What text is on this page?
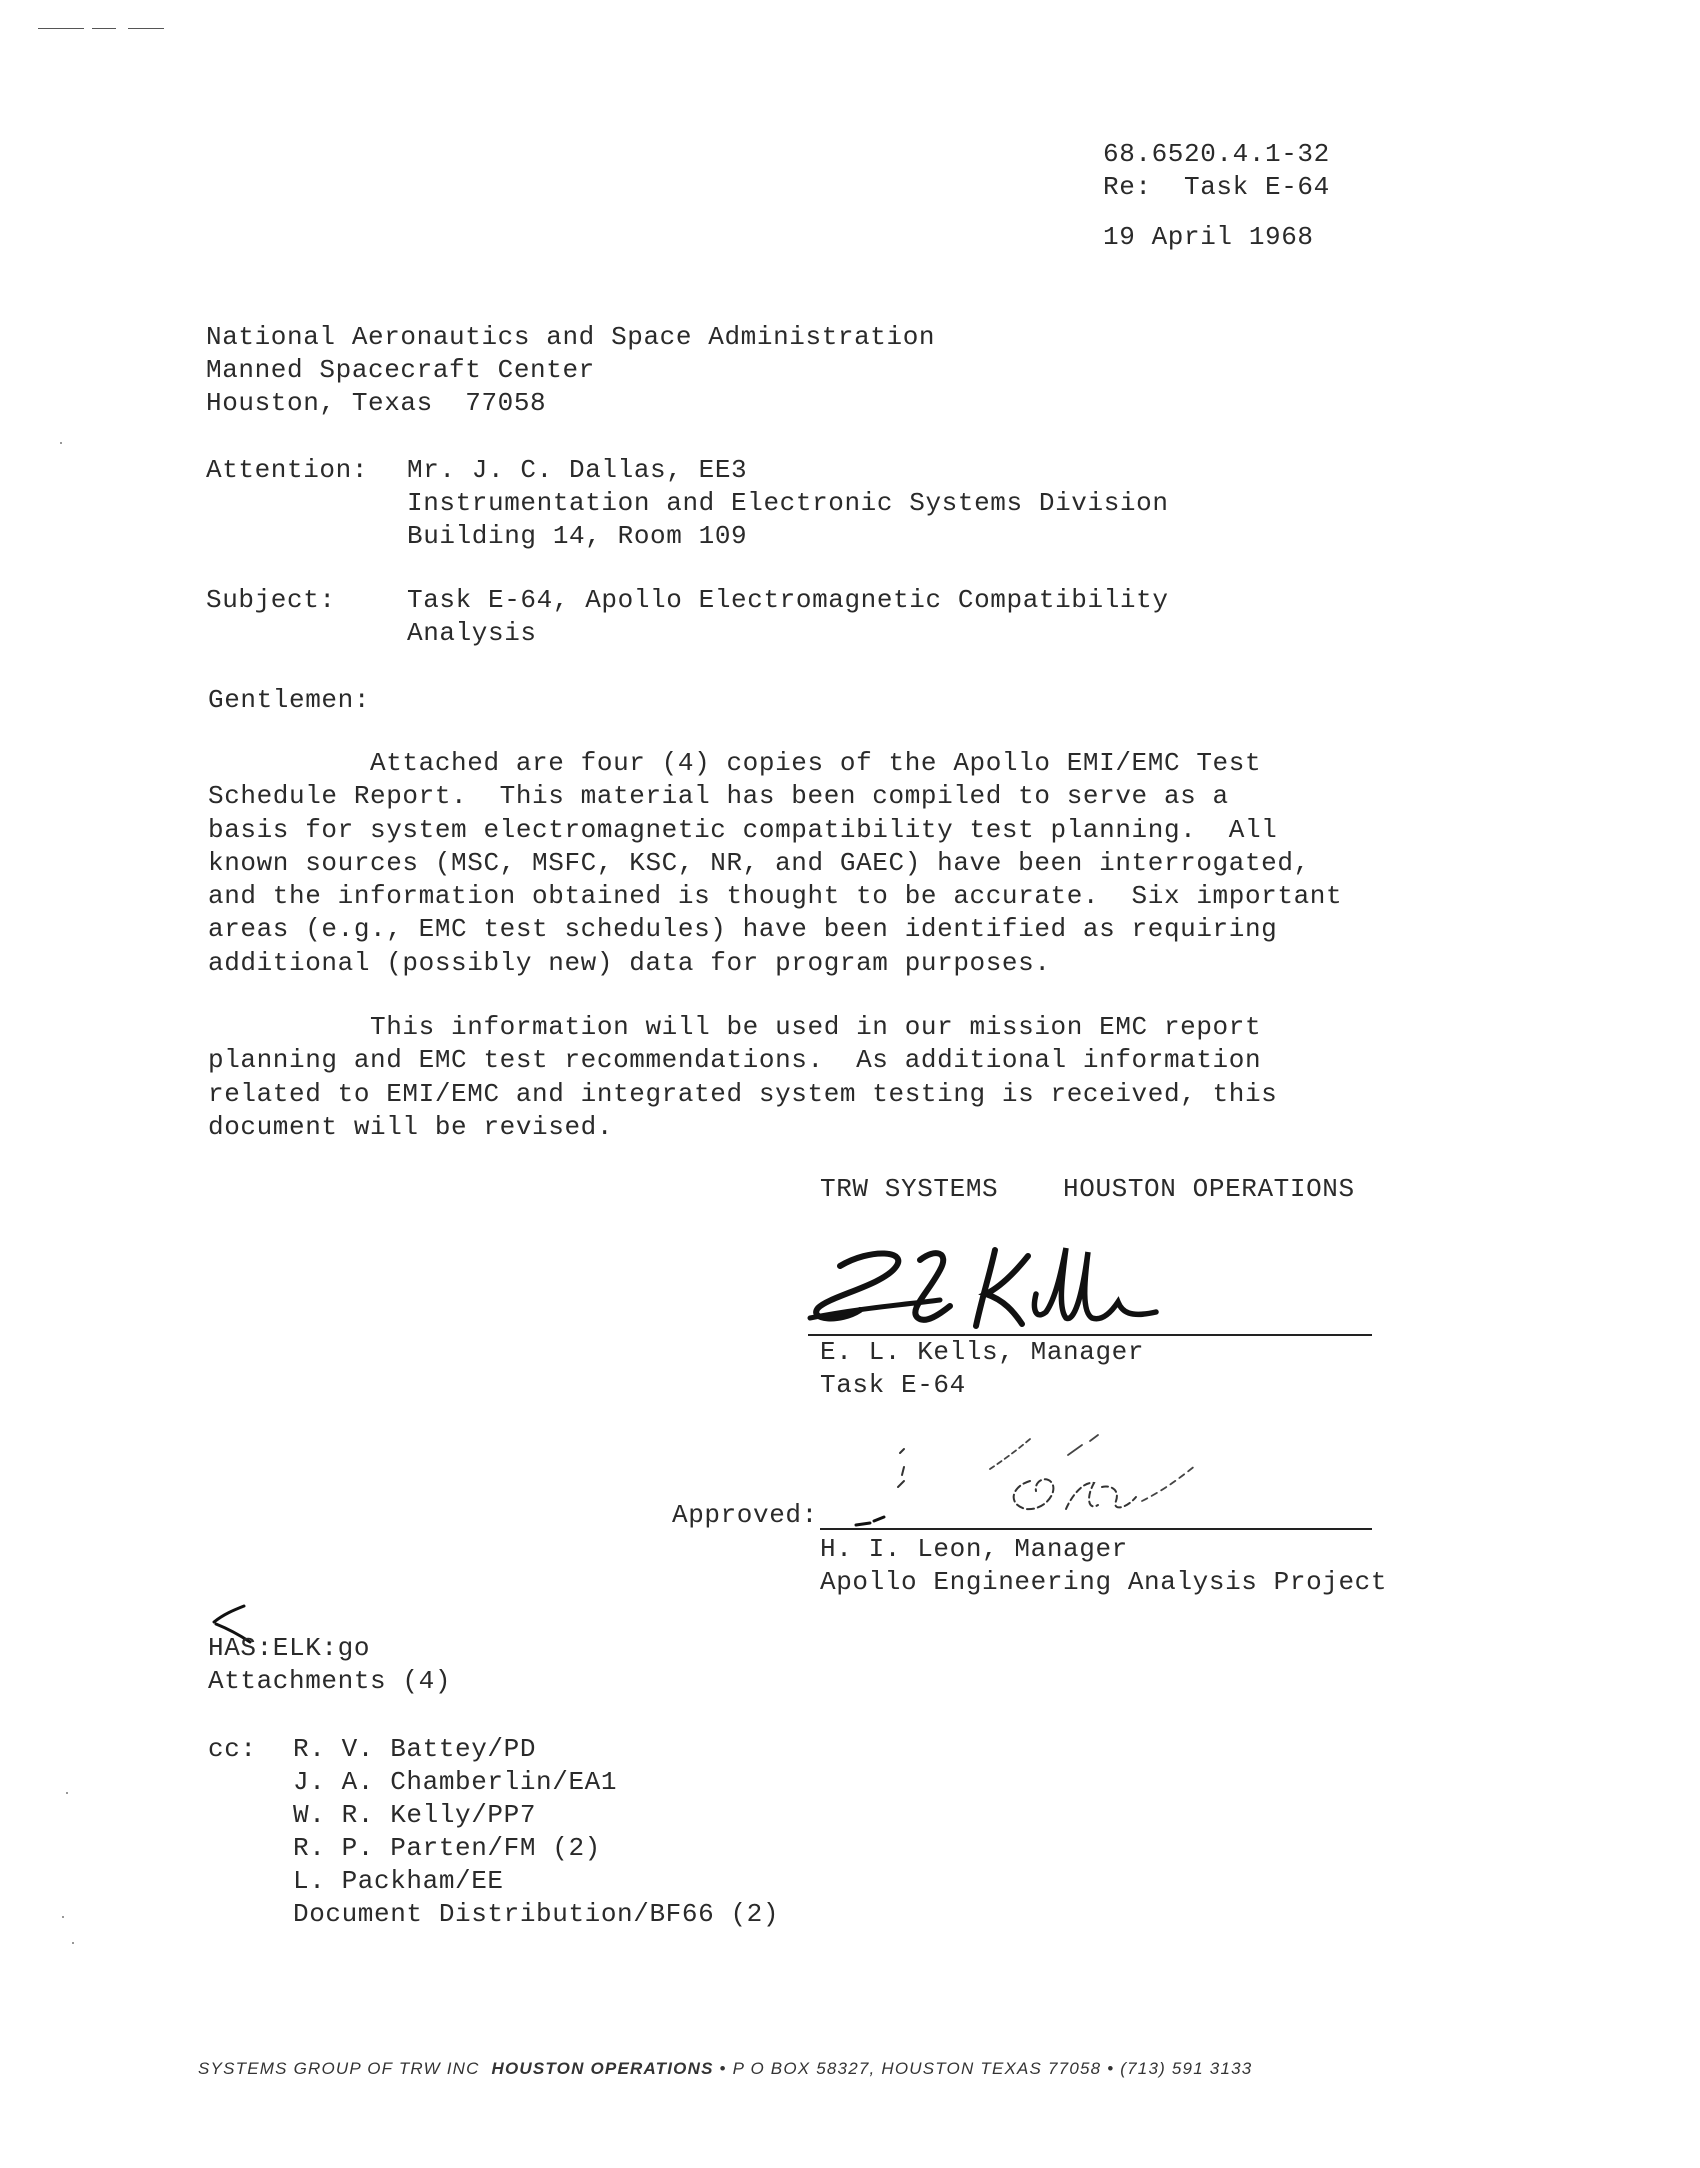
68.6520.4.1-32
Re:  Task E-64
19 April 1968
National Aeronautics and Space Administration
Manned Spacecraft Center
Houston, Texas  77058
Attention: Mr. J. C. Dallas, EE3
Instrumentation and Electronic Systems Division
Building 14, Room 109
Subject:	Task E-64, Apollo Electromagnetic Compatibility
Analysis
Gentlemen:
Attached are four (4) copies of the Apollo EMI/EMC Test
Schedule Report.  This material has been compiled to serve as a
basis for system electromagnetic compatibility test planning.  All
known sources (MSC, MSFC, KSC, NR, and GAEC) have been interrogated,
and the information obtained is thought to be accurate.  Six important
areas (e.g., EMC test schedules) have been identified as requiring
additional (possibly new) data for program purposes.
This information will be used in our mission EMC report
planning and EMC test recommendations.  As additional information
related to EMI/EMC and integrated system testing is received, this
document will be revised.
TRW SYSTEMS    HOUSTON OPERATIONS
E. L. Kells, Manager
Task E-64
Approved:
H. I. Leon, Manager
Apollo Engineering Analysis Project
HAS:ELK:go
Attachments (4)
cc: R. V. Battey/PD
J. A. Chamberlin/EA1
W. R. Kelly/PP7
R. P. Parten/FM (2)
L. Packham/EE
Document Distribution/BF66 (2)
SYSTEMS GROUP OF TRW INC  HOUSTON OPERATIONS • P O BOX 58327, HOUSTON TEXAS 77058 • (713) 591 3133
